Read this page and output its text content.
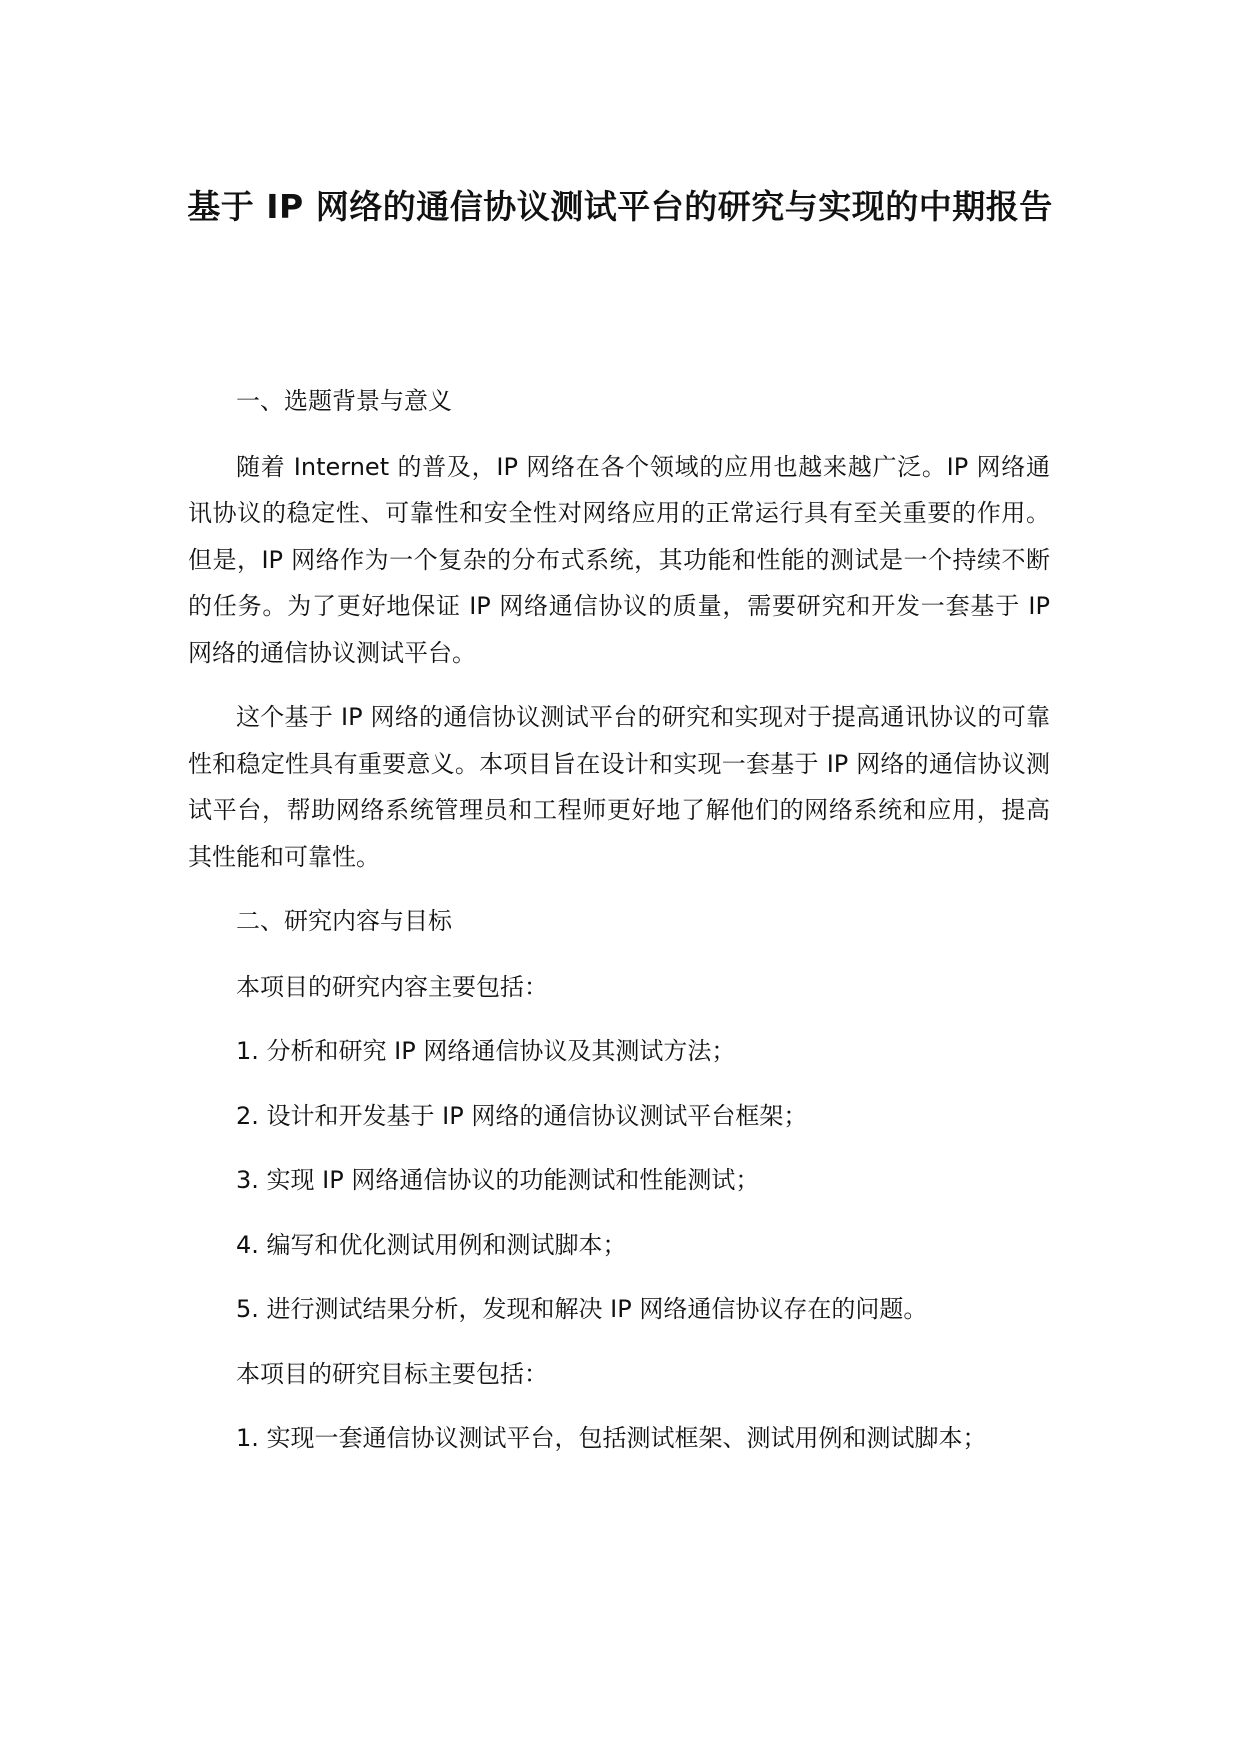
基于 IP 网络的通信协议测试平台的研究与实现的中期报告

一、选题背景与意义

随着 Internet 的普及，IP 网络在各个领域的应用也越来越广泛。IP 网络通讯协议的稳定性、可靠性和安全性对网络应用的正常运行具有至关重要的作用。但是，IP 网络作为一个复杂的分布式系统，其功能和性能的测试是一个持续不断的任务。为了更好地保证 IP 网络通信协议的质量，需要研究和开发一套基于 IP 网络的通信协议测试平台。

这个基于 IP 网络的通信协议测试平台的研究和实现对于提高通讯协议的可靠性和稳定性具有重要意义。本项目旨在设计和实现一套基于 IP 网络的通信协议测试平台，帮助网络系统管理员和工程师更好地了解他们的网络系统和应用，提高其性能和可靠性。

二、研究内容与目标

本项目的研究内容主要包括：

1. 分析和研究 IP 网络通信协议及其测试方法；

2. 设计和开发基于 IP 网络的通信协议测试平台框架；

3. 实现 IP 网络通信协议的功能测试和性能测试；

4. 编写和优化测试用例和测试脚本；

5. 进行测试结果分析，发现和解决 IP 网络通信协议存在的问题。

本项目的研究目标主要包括：

1. 实现一套通信协议测试平台，包括测试框架、测试用例和测试脚本；
